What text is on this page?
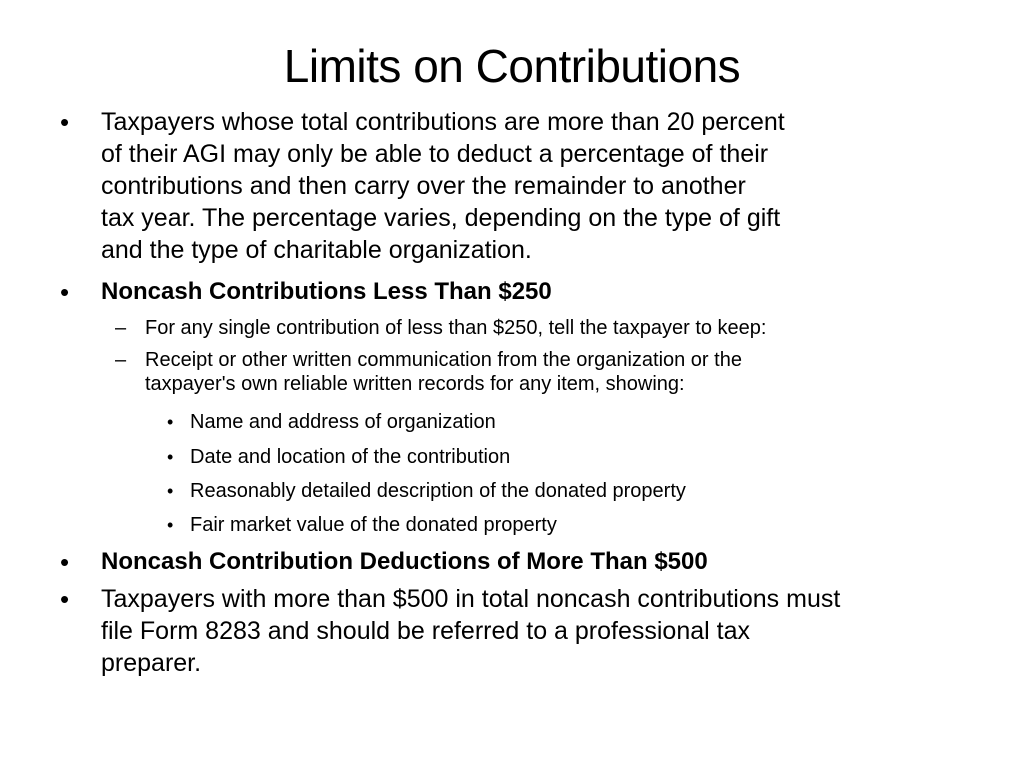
Limits on Contributions
• Taxpayers whose total contributions are more than 20 percent
of their AGI may only be able to deduct a percentage of their
contributions and then carry over the remainder to another
tax year. The percentage varies, depending on the type of gift
and the type of charitable organization.
• Noncash Contributions Less Than $250
– For any single contribution of less than $250, tell the taxpayer to keep:
– Receipt or other written communication from the organization or the
taxpayer's own reliable written records for any item, showing:
• Name and address of organization
• Date and location of the contribution
• Reasonably detailed description of the donated property
• Fair market value of the donated property
• Noncash Contribution Deductions of More Than $500
• Taxpayers with more than $500 in total noncash contributions must
file Form 8283 and should be referred to a professional tax
preparer.
